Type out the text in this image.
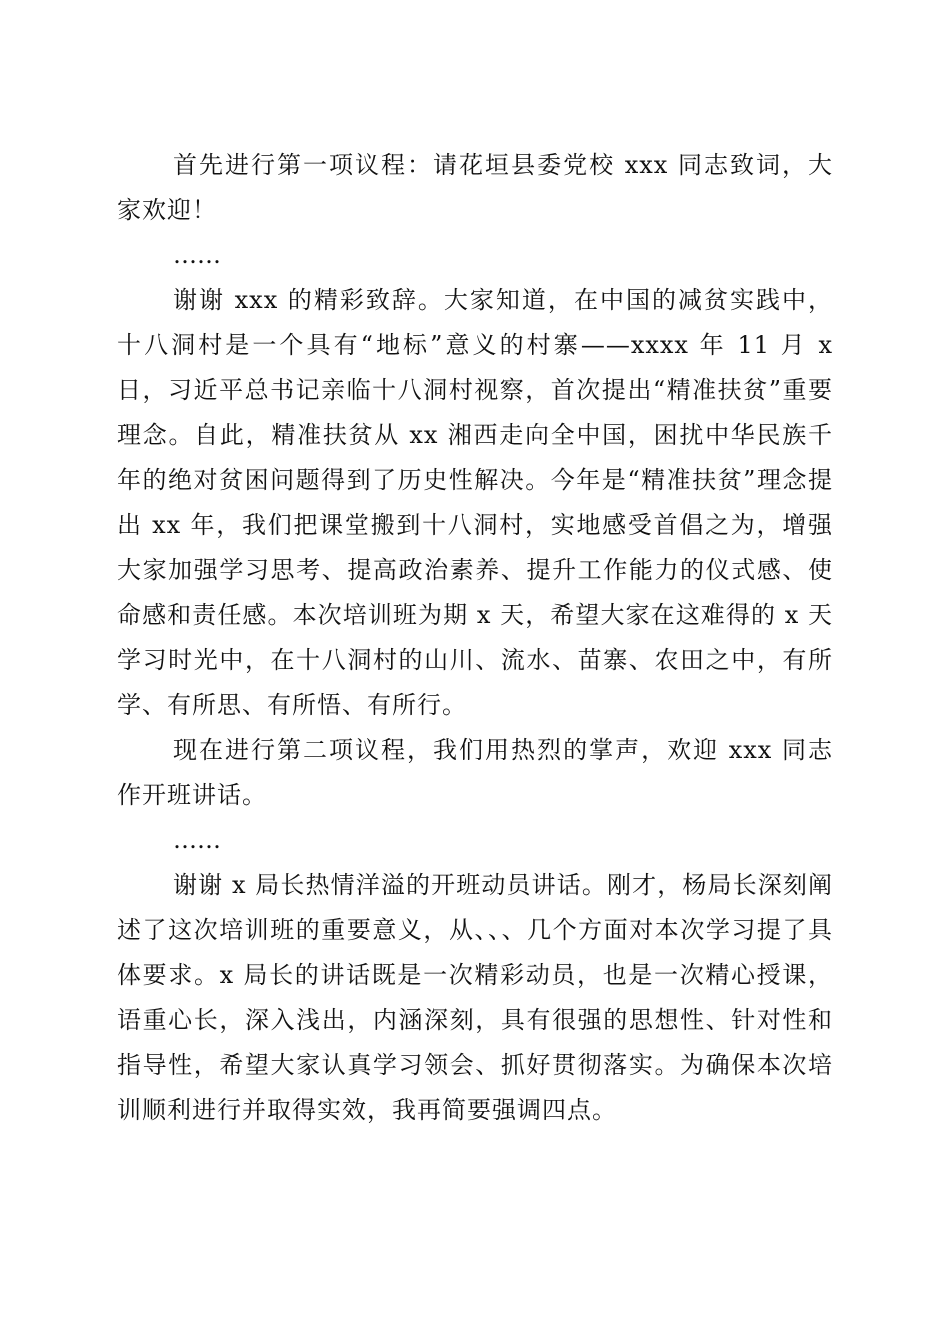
首先进行第一项议程：请花垣县委党校 xxx 同志致词，大家欢迎！

……

谢谢 xxx 的精彩致辞。大家知道，在中国的减贫实践中，十八洞村是一个具有“地标”意义的村寨——xxxx 年 11 月 x 日，习近平总书记亲临十八洞村视察，首次提出“精准扶贫”重要理念。自此，精准扶贫从 xx 湘西走向全中国，困扰中华民族千年的绝对贫困问题得到了历史性解决。今年是“精准扶贫”理念提出 xx 年，我们把课堂搬到十八洞村，实地感受首倡之为，增强大家加强学习思考、提高政治素养、提升工作能力的仪式感、使命感和责任感。本次培训班为期 x 天，希望大家在这难得的 x 天学习时光中，在十八洞村的山川、流水、苗寨、农田之中，有所学、有所思、有所悟、有所行。

现在进行第二项议程，我们用热烈的掌声，欢迎 xxx 同志作开班讲话。

……

谢谢 x 局长热情洋溢的开班动员讲话。刚才，杨局长深刻阐述了这次培训班的重要意义，从、、、几个方面对本次学习提了具体要求。x 局长的讲话既是一次精彩动员，也是一次精心授课，语重心长，深入浅出，内涵深刻，具有很强的思想性、针对性和指导性，希望大家认真学习领会、抓好贯彻落实。为确保本次培训顺利进行并取得实效，我再简要强调四点。
